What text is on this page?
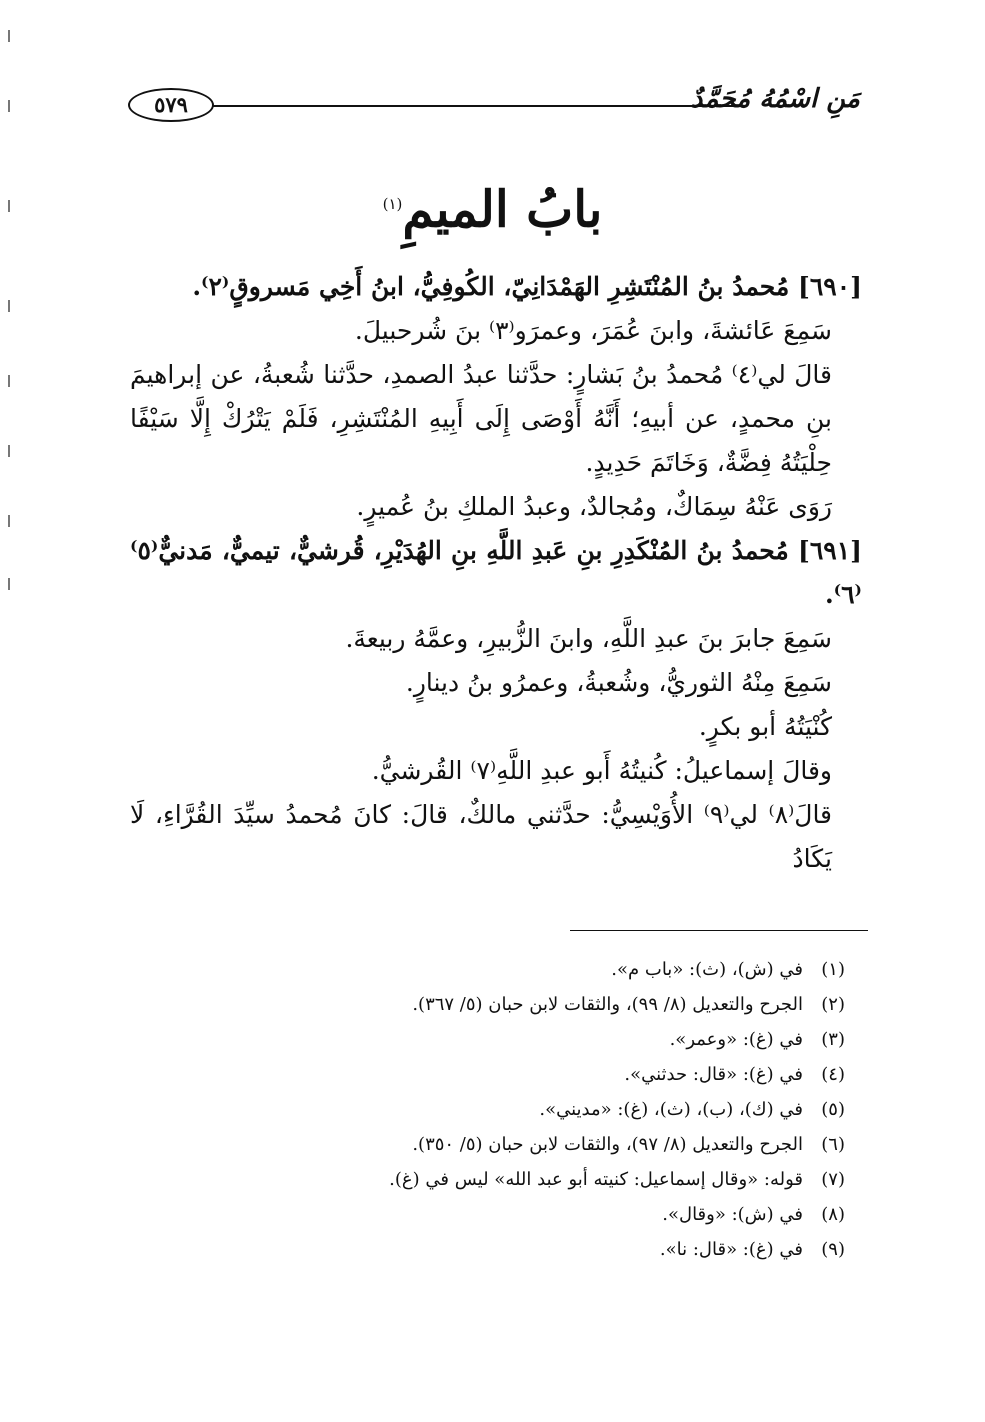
٥٧٩	مَنِ اسْمُهُ مُحَمَّدٌ
بابُ الميمِ$^{(١)}$

[٦٩٠] مُحمدُ بنُ المُنْتَشِرِ الهَمْدَانِيّ، الكُوفِيُّ، ابنُ أَخِي مَسروقٍ⁽٢⁾.

سَمِعَ عَائشةَ، وابنَ عُمَرَ، وعمرَو⁽٣⁾ بنَ شُرحبيلَ.

قالَ لي⁽٤⁾ مُحمدُ بنُ بَشارٍ: حدَّثنا عبدُ الصمدِ، حدَّثنا شُعبةُ، عن إبراهيمَ بنِ محمدٍ، عن أبيهِ؛ أَنَّهُ أَوْصَى إِلَى أَبِيهِ المُنْتَشِرِ، فَلَمْ يَتْرُكْ إِلَّا سَيْفًا حِلْيَتُهُ فِضَّةٌ، وَخَاتَمَ حَدِيدٍ.

رَوَى عَنْهُ سِمَاكٌ، ومُجالدٌ، وعبدُ الملكِ بنُ عُميرٍ.

[٦٩١] مُحمدُ بنُ المُنْكَدِرِ بنِ عَبدِ اللَّهِ بنِ الهُدَيْرِ، قُرشيٌّ، تيميٌّ، مَدنيٌّ⁽٥⁾⁽٦⁾.

سَمِعَ جابرَ بنَ عبدِ اللَّهِ، وابنَ الزُّبيرِ، وعمَّهُ ربيعةَ.

سَمِعَ مِنْهُ الثوريُّ، وشُعبةُ، وعمرُو بنُ دينارٍ.

كُنْيَتُهُ أبو بكرٍ.

وقالَ إسماعيلُ: كُنيتُهُ أَبو عبدِ اللَّهِ⁽٧⁾ القُرشيُّ.

قالَ⁽٨⁾ لي⁽٩⁾ الأُوَيْسِيُّ: حدَّثني مالكٌ، قالَ: كانَ مُحمدُ سيِّدَ القُرَّاءِ، لَا يَكَادُ

(١)في (ش)، (ث): «باب م».

(٢)الجرح والتعديل (٨/ ٩٩)، والثقات لابن حبان (٥/ ٣٦٧).

(٣)في (غ): «وعمر».

(٤)في (غ): «قال: حدثني».

(٥)في (ك)، (ب)، (ث)، (غ): «مديني».

(٦)الجرح والتعديل (٨/ ٩٧)، والثقات لابن حبان (٥/ ٣٥٠).

(٧)قوله: «وقال إسماعيل: كنيته أبو عبد الله» ليس في (غ).

(٨)في (ش): «وقال».

(٩)في (غ): «قال: نا».
